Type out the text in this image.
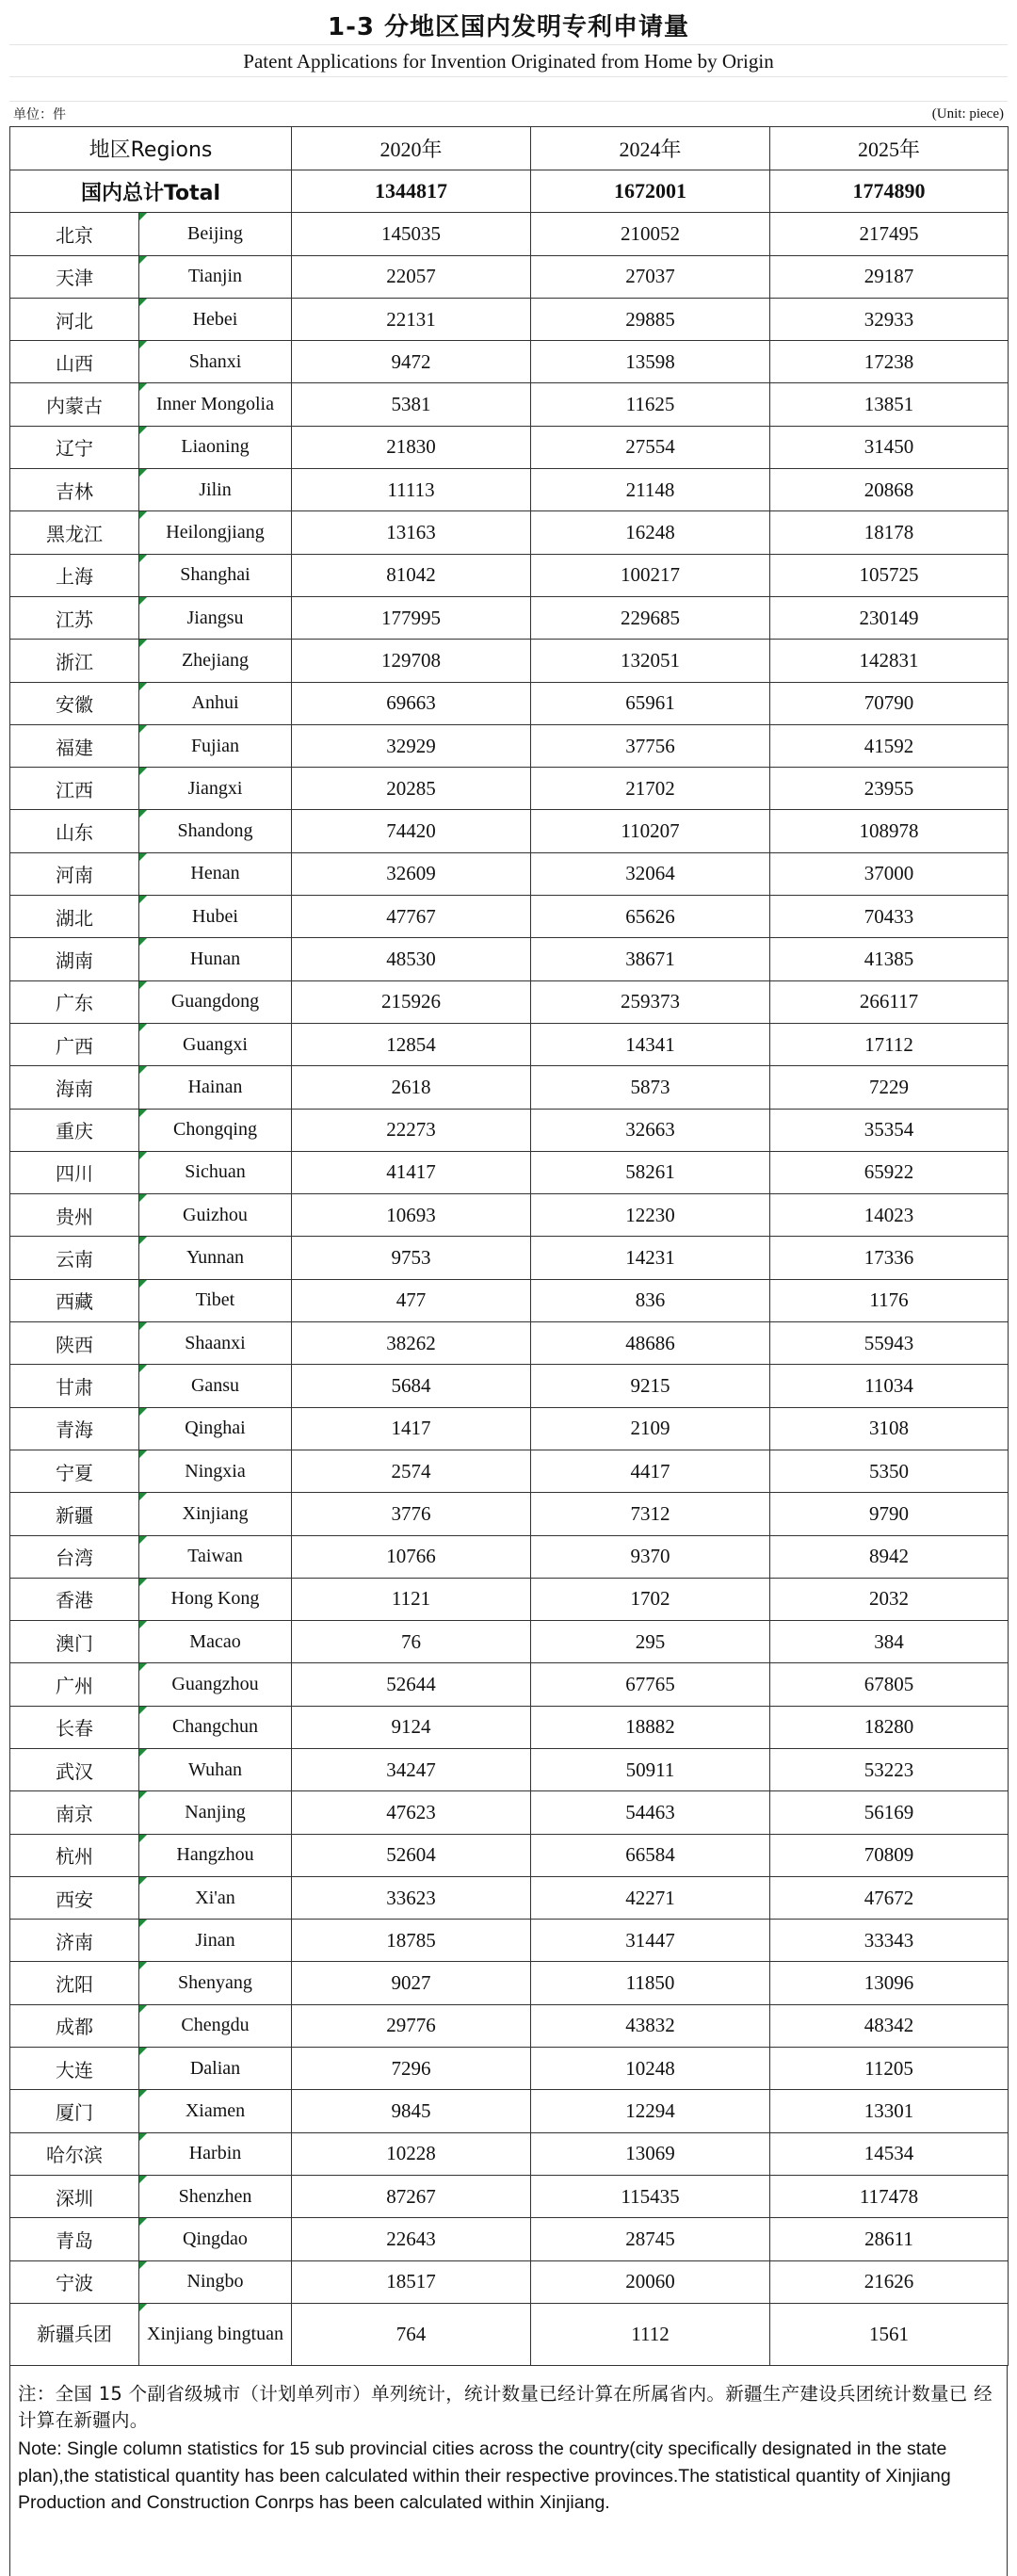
1-3 分地区国内发明专利申请量
Patent Applications for Invention Originated from Home by Origin
单位：件	(Unit: piece)
地区Regions		2020年	2024年	2025年
国内总计Total		1344817	1672001	1774890
北京	Beijing	145035	210052	217495
天津	Tianjin	22057	27037	29187
河北	Hebei	22131	29885	32933
山西	Shanxi	9472	13598	17238
内蒙古	Inner Mongolia	5381	11625	13851
辽宁	Liaoning	21830	27554	31450
吉林	Jilin	11113	21148	20868
黑龙江	Heilongjiang	13163	16248	18178
上海	Shanghai	81042	100217	105725
江苏	Jiangsu	177995	229685	230149
浙江	Zhejiang	129708	132051	142831
安徽	Anhui	69663	65961	70790
福建	Fujian	32929	37756	41592
江西	Jiangxi	20285	21702	23955
山东	Shandong	74420	110207	108978
河南	Henan	32609	32064	37000
湖北	Hubei	47767	65626	70433
湖南	Hunan	48530	38671	41385
广东	Guangdong	215926	259373	266117
广西	Guangxi	12854	14341	17112
海南	Hainan	2618	5873	7229
重庆	Chongqing	22273	32663	35354
四川	Sichuan	41417	58261	65922
贵州	Guizhou	10693	12230	14023
云南	Yunnan	9753	14231	17336
西藏	Tibet	477	836	1176
陕西	Shaanxi	38262	48686	55943
甘肃	Gansu	5684	9215	11034
青海	Qinghai	1417	2109	3108
宁夏	Ningxia	2574	4417	5350
新疆	Xinjiang	3776	7312	9790
台湾	Taiwan	10766	9370	8942
香港	Hong Kong	1121	1702	2032
澳门	Macao	76	295	384
广州	Guangzhou	52644	67765	67805
长春	Changchun	9124	18882	18280
武汉	Wuhan	34247	50911	53223
南京	Nanjing	47623	54463	56169
杭州	Hangzhou	52604	66584	70809
西安	Xi'an	33623	42271	47672
济南	Jinan	18785	31447	33343
沈阳	Shenyang	9027	11850	13096
成都	Chengdu	29776	43832	48342
大连	Dalian	7296	10248	11205
厦门	Xiamen	9845	12294	13301
哈尔滨	Harbin	10228	13069	14534
深圳	Shenzhen	87267	115435	117478
青岛	Qingdao	22643	28745	28611
宁波	Ningbo	18517	20060	21626
新疆兵团	Xinjiang bingtuan	764	1112	1561
注：全国 15 个副省级城市（计划单列市）单列统计，统计数量已经计算在所属省内。新疆生产建设兵团统计数量已 经计算在新疆内。
Note: Single column statistics for 15 sub provincial cities across the country(city specifically designated in the state plan),the statistical quantity has been calculated within their respective provinces.The statistical quantity of Xinjiang Production and Construction Conrps has been calculated within Xinjiang.
